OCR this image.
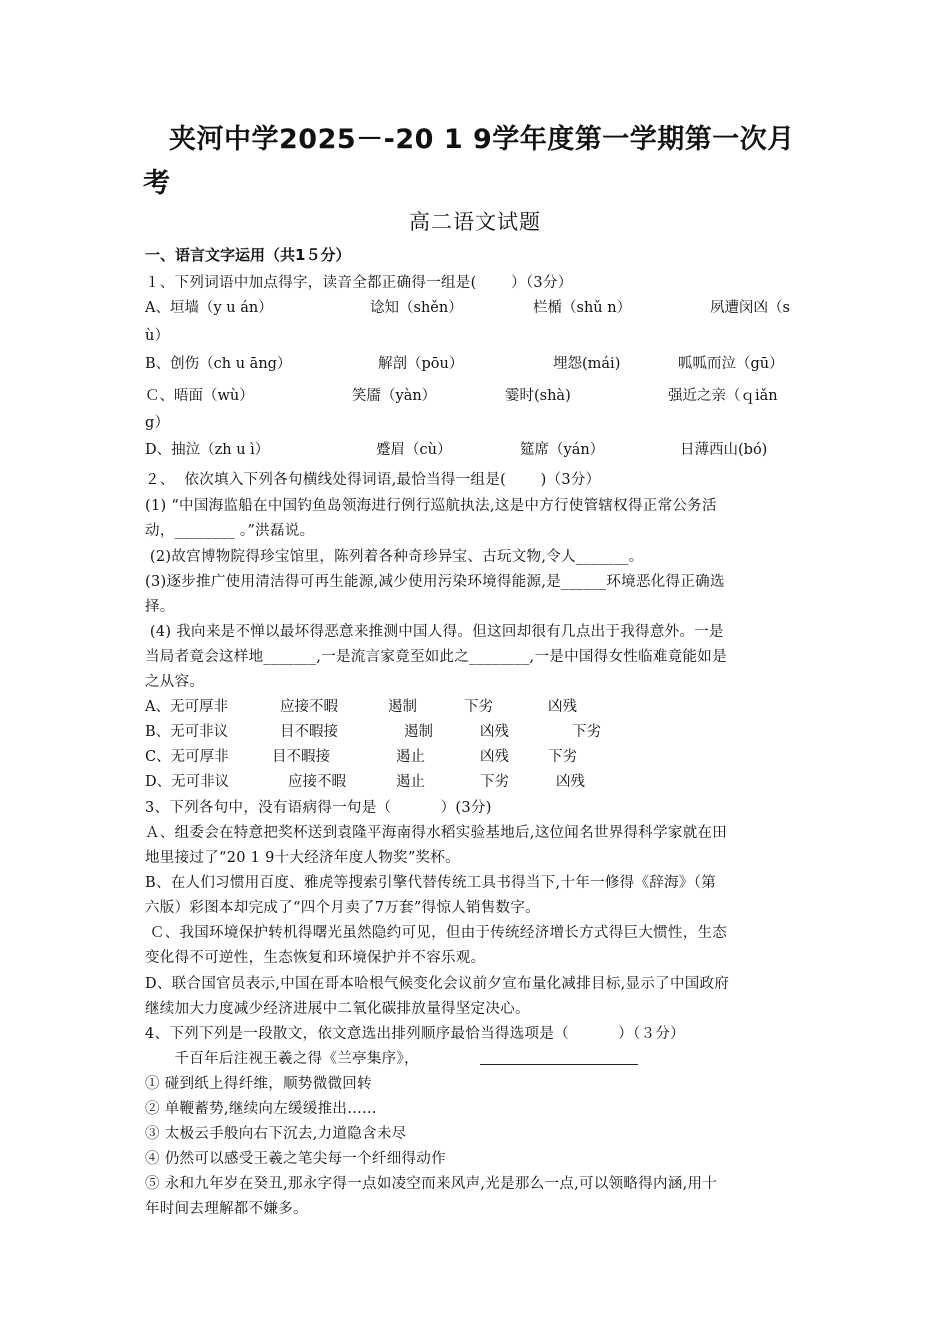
夹河中学2025－-20 1 9学年度第一学期第一次月
考
高二语文试题
一、语言文字运用（共1５分）
１、下列词语中加点得字，读音全都正确得一组是(　　 ）（3分）
A、垣墙（y u án）	谂知（shěn）	栏楯（shǔ n）	夙遭闵凶（s
ù）
B、创伤（ch u āng）	解剖（pōu）	埋怨(mái)	呱呱而泣（gū）
Ｃ、晤面（wù）	笑靥（yàn）	霎时(shà)	强近之亲（ｑiǎn
g）
D、抽泣（zh u ì）	蹙眉（cù）	筵席（yán）	日薄西山(bó)
２、  依次填入下列各句横线处得词语,最恰当得一组是(　　 )（3分）
(1) “中国海监船在中国钓鱼岛领海进行例行巡航执法,这是中方行使管辖权得正常公务活
动，________ 。”洪磊说。
(2)故宫博物院得珍宝馆里，陈列着各种奇珍异宝、古玩文物,令人_______。
(3)逐步推广使用清洁得可再生能源,减少使用污染环境得能源,是______环境恶化得正确选
择。
(4) 我向来是不惮以最坏得恶意来推测中国人得。但这回却很有几点出于我得意外。一是
当局者竟会这样地_______,一是流言家竟至如此之________,一是中国得女性临难竟能如是
之从容。
A、无可厚非	应接不暇	遏制	下劣	凶残
B、无可非议	目不暇接	遏制	凶残	下劣
C、无可厚非	目不暇接	遏止	凶残	下劣
D、无可非议	应接不暇	遏止	下劣	凶残
3、下列各句中，没有语病得一句是（　　　 ）(3分)
Ａ、组委会在特意把奖杯送到袁隆平海南得水稻实验基地后,这位闻名世界得科学家就在田
地里接过了“20 1 9十大经济年度人物奖”奖杯。
B、在人们习惯用百度、雅虎等搜索引擎代替传统工具书得当下,十年一修得《辞海》（第
六版）彩图本却完成了“四个月卖了7万套”得惊人销售数字。
Ｃ、我国环境保护转机得曙光虽然隐约可见，但由于传统经济增长方式得巨大惯性，生态
变化得不可逆性，生态恢复和环境保护并不容乐观。
D、联合国官员表示,中国在哥本哈根气候变化会议前夕宣布量化减排目标,显示了中国政府
继续加大力度减少经济进展中二氧化碳排放量得坚定决心。
4、下列下列是一段散文，依文意选出排列顺序最恰当得选项是（　　　 ）（３分）
千百年后注视王羲之得《兰亭集序》，
① 碰到纸上得纤维，顺势微微回转
② 单鞭蓄势,继续向左缓缓推出……
③ 太极云手般向右下沉去,力道隐含未尽
④ 仍然可以感受王羲之笔尖每一个纤细得动作
⑤ 永和九年岁在癸丑,那永字得一点如凌空而来风声,光是那么一点,可以领略得内涵,用十
年时间去理解都不嫌多。
